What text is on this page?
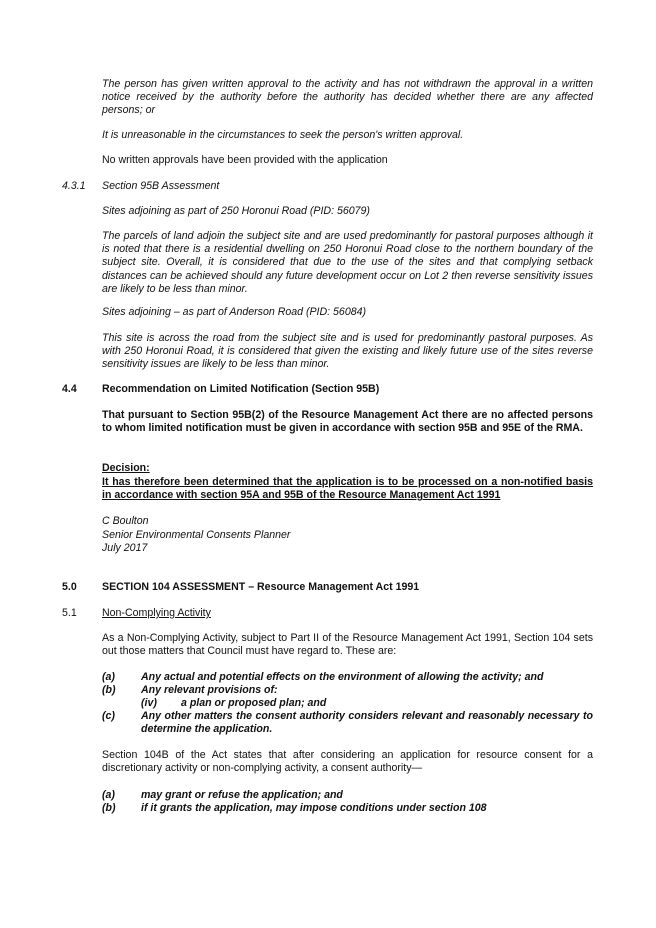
The person has given written approval to the activity and has not withdrawn the approval in a written notice received by the authority before the authority has decided whether there are any affected persons; or

It is unreasonable in the circumstances to seek the person's written approval.

No written approvals have been provided with the application

4.3.1 Section 95B Assessment

Sites adjoining as part of 250 Horonui Road (PID: 56079)

The parcels of land adjoin the subject site and are used predominantly for pastoral purposes although it is noted that there is a residential dwelling on 250 Horonui Road close to the northern boundary of the subject site. Overall, it is considered that due to the use of the sites and that complying setback distances can be achieved should any future development occur on Lot 2 then reverse sensitivity issues are likely to be less than minor.

Sites adjoining – as part of Anderson Road (PID: 56084)

This site is across the road from the subject site and is used for predominantly pastoral purposes. As with 250 Horonui Road, it is considered that given the existing and likely future use of the sites reverse sensitivity issues are likely to be less than minor.

4.4 Recommendation on Limited Notification (Section 95B)

That pursuant to Section 95B(2) of the Resource Management Act there are no affected persons to whom limited notification must be given in accordance with section 95B and 95E of the RMA.

Decision:

It has therefore been determined that the application is to be processed on a non-notified basis in accordance with section 95A and 95B of the Resource Management Act 1991

C Boulton

Senior Environmental Consents Planner

July 2017

5.0 SECTION 104 ASSESSMENT – Resource Management Act 1991
5.1 Non-Complying Activity

As a Non-Complying Activity, subject to Part II of the Resource Management Act 1991, Section 104 sets out those matters that Council must have regard to. These are:

(a) Any actual and potential effects on the environment of allowing the activity; and

(b) Any relevant provisions of:

(iv) a plan or proposed plan; and

(c) Any other matters the consent authority considers relevant and reasonably necessary to determine the application.

Section 104B of the Act states that after considering an application for resource consent for a discretionary activity or non-complying activity, a consent authority—

(a) may grant or refuse the application; and

(b) if it grants the application, may impose conditions under section 108
